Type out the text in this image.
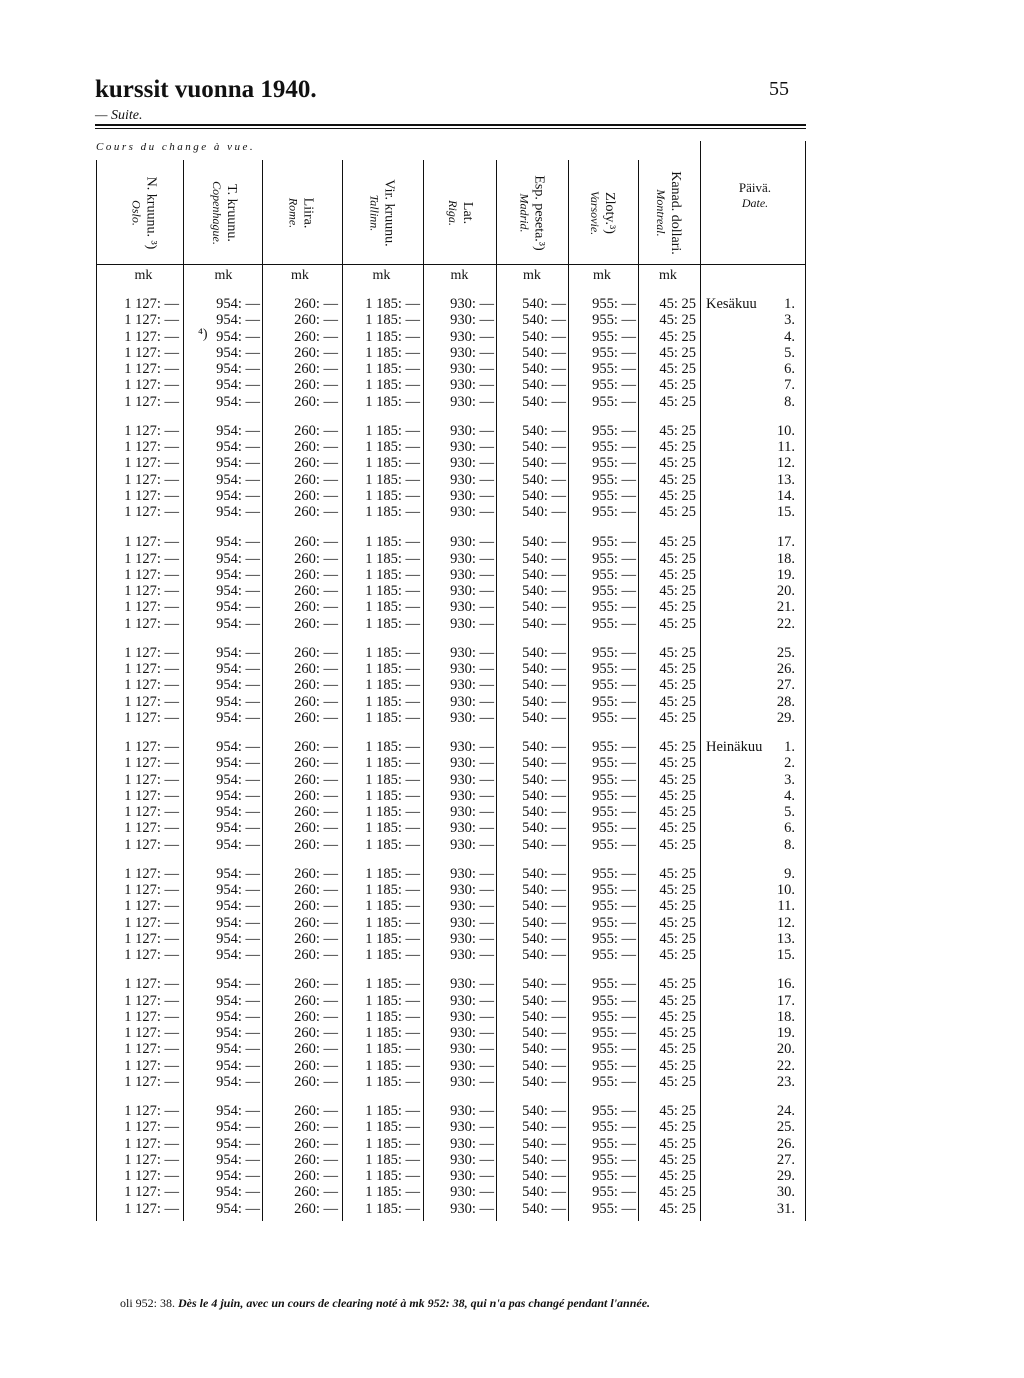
kurssit vuonna 1940.
— Suite.
55
Cours du change à vue.
N. kruunu. ³)
Oslo.
mk
T. kruunu.
Copenhague.
mk
Liira.
Rome.
mk
Vir. kruunu.
Tallinn.
mk
Lat.
Riga.
mk
Esp. peseta.³)
Madrid.
mk
Zloty.³)
Varsovie.
mk
Kanad. dollari.
Montreal.
mk
Päivä.
Date.
1 127: —	954: —	260: —	1 185: —	930: —	540: —	955: —	45: 25 Kesäkuu	1.
1 127: —	954: —	260: —	1 185: —	930: —	540: —	955: —	45: 25	3.
1 127: —	954: —	260: —	1 185: —	930: —	540: —	955: —	45: 25	4.
⁴)
1 127: —	954: —	260: —	1 185: —	930: —	540: —	955: —	45: 25	5.
1 127: —	954: —	260: —	1 185: —	930: —	540: —	955: —	45: 25	6.
1 127: —	954: —	260: —	1 185: —	930: —	540: —	955: —	45: 25	7.
1 127: —	954: —	260: —	1 185: —	930: —	540: —	955: —	45: 25	8.
1 127: —	954: —	260: —	1 185: —	930: —	540: —	955: —	45: 25	10.
1 127: —	954: —	260: —	1 185: —	930: —	540: —	955: —	45: 25	11.
1 127: —	954: —	260: —	1 185: —	930: —	540: —	955: —	45: 25	12.
1 127: —	954: —	260: —	1 185: —	930: —	540: —	955: —	45: 25	13.
1 127: —	954: —	260: —	1 185: —	930: —	540: —	955: —	45: 25	14.
1 127: —	954: —	260: —	1 185: —	930: —	540: —	955: —	45: 25	15.
1 127: —	954: —	260: —	1 185: —	930: —	540: —	955: —	45: 25	17.
1 127: —	954: —	260: —	1 185: —	930: —	540: —	955: —	45: 25	18.
1 127: —	954: —	260: —	1 185: —	930: —	540: —	955: —	45: 25	19.
1 127: —	954: —	260: —	1 185: —	930: —	540: —	955: —	45: 25	20.
1 127: —	954: —	260: —	1 185: —	930: —	540: —	955: —	45: 25	21.
1 127: —	954: —	260: —	1 185: —	930: —	540: —	955: —	45: 25	22.
1 127: —	954: —	260: —	1 185: —	930: —	540: —	955: —	45: 25	25.
1 127: —	954: —	260: —	1 185: —	930: —	540: —	955: —	45: 25	26.
1 127: —	954: —	260: —	1 185: —	930: —	540: —	955: —	45: 25	27.
1 127: —	954: —	260: —	1 185: —	930: —	540: —	955: —	45: 25	28.
1 127: —	954: —	260: —	1 185: —	930: —	540: —	955: —	45: 25	29.
1 127: —	954: —	260: —	1 185: —	930: —	540: —	955: —	45: 25 Heinäkuu	1.
1 127: —	954: —	260: —	1 185: —	930: —	540: —	955: —	45: 25	2.
1 127: —	954: —	260: —	1 185: —	930: —	540: —	955: —	45: 25	3.
1 127: —	954: —	260: —	1 185: —	930: —	540: —	955: —	45: 25	4.
1 127: —	954: —	260: —	1 185: —	930: —	540: —	955: —	45: 25	5.
1 127: —	954: —	260: —	1 185: —	930: —	540: —	955: —	45: 25	6.
1 127: —	954: —	260: —	1 185: —	930: —	540: —	955: —	45: 25	8.
1 127: —	954: —	260: —	1 185: —	930: —	540: —	955: —	45: 25	9.
1 127: —	954: —	260: —	1 185: —	930: —	540: —	955: —	45: 25	10.
1 127: —	954: —	260: —	1 185: —	930: —	540: —	955: —	45: 25	11.
1 127: —	954: —	260: —	1 185: —	930: —	540: —	955: —	45: 25	12.
1 127: —	954: —	260: —	1 185: —	930: —	540: —	955: —	45: 25	13.
1 127: —	954: —	260: —	1 185: —	930: —	540: —	955: —	45: 25	15.
1 127: —	954: —	260: —	1 185: —	930: —	540: —	955: —	45: 25	16.
1 127: —	954: —	260: —	1 185: —	930: —	540: —	955: —	45: 25	17.
1 127: —	954: —	260: —	1 185: —	930: —	540: —	955: —	45: 25	18.
1 127: —	954: —	260: —	1 185: —	930: —	540: —	955: —	45: 25	19.
1 127: —	954: —	260: —	1 185: —	930: —	540: —	955: —	45: 25	20.
1 127: —	954: —	260: —	1 185: —	930: —	540: —	955: —	45: 25	22.
1 127: —	954: —	260: —	1 185: —	930: —	540: —	955: —	45: 25	23.
1 127: —	954: —	260: —	1 185: —	930: —	540: —	955: —	45: 25	24.
1 127: —	954: —	260: —	1 185: —	930: —	540: —	955: —	45: 25	25.
1 127: —	954: —	260: —	1 185: —	930: —	540: —	955: —	45: 25	26.
1 127: —	954: —	260: —	1 185: —	930: —	540: —	955: —	45: 25	27.
1 127: —	954: —	260: —	1 185: —	930: —	540: —	955: —	45: 25	29.
1 127: —	954: —	260: —	1 185: —	930: —	540: —	955: —	45: 25	30.
1 127: —	954: —	260: —	1 185: —	930: —	540: —	955: —	45: 25	31.
oli 952: 38. Dès le 4 juin, avec un cours de clearing noté à mk 952: 38, qui n'a pas changé pendant l'année.
